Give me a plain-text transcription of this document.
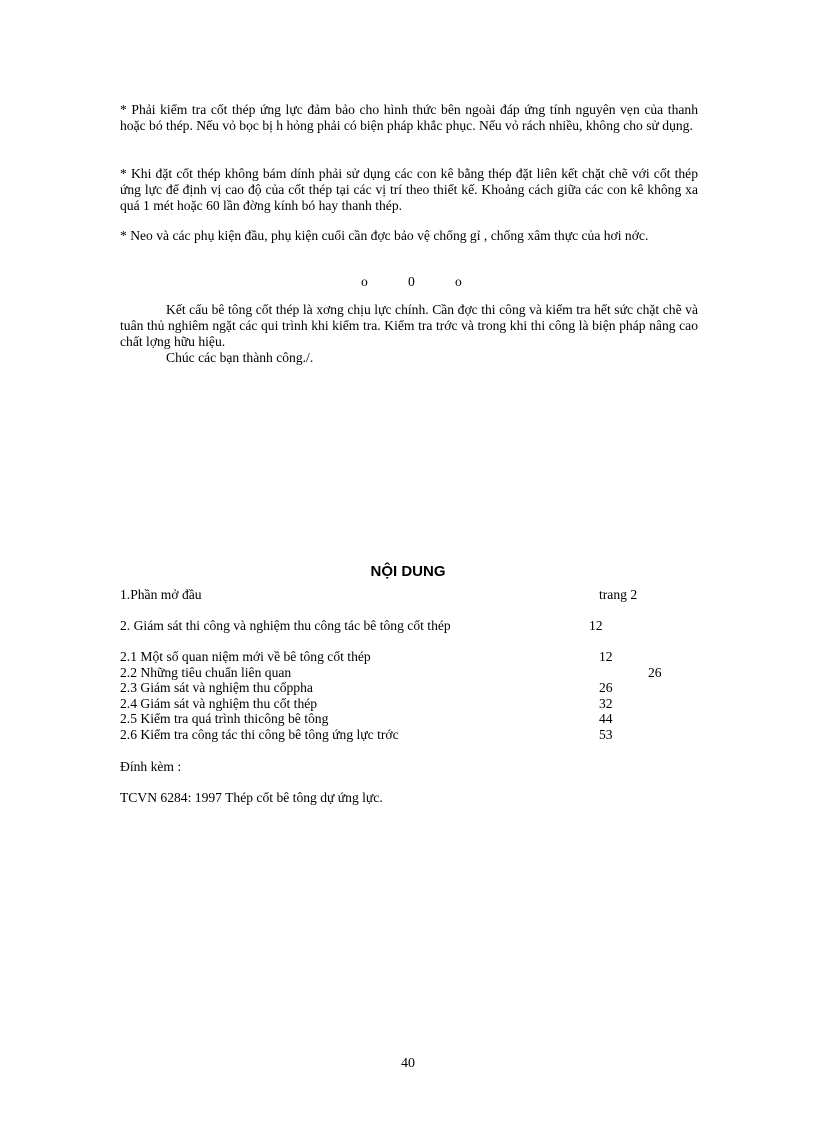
* Phải kiểm tra cốt thép ứng lực đảm bảo cho hình thức bên ngoài đáp ứng tính nguyên vẹn của thanh hoặc bó thép. Nếu vỏ bọc bị h hỏng phải có biện pháp khắc phục. Nếu vỏ rách nhiều, không cho sử dụng.

* Khi đặt cốt thép không bám dính phải sử dụng các con kê bằng thép đặt liên kết chặt chẽ với cốt thép ứng lực để định vị cao độ của cốt thép tại các vị trí theo thiết kế. Khoảng cách giữa các con kê không xa quá 1 mét hoặc 60 lần đờng kính bó hay thanh thép.

* Neo và các phụ kiện đầu, phụ kiện cuối cần đợc bảo vệ chống gỉ , chống xâm thực của hơi nớc.

o	0	o

Kết cấu bê tông cốt thép là xơng chịu lực chính. Cần đợc thi công và kiểm tra hết sức chặt chẽ và tuân thủ nghiêm ngặt các qui trình khi kiểm tra. Kiểm tra trớc và trong khi thi công là biện pháp nâng cao chất lợng hữu hiệu.

Chúc các bạn thành công./.

NỘI DUNG
1.Phần mở đầu	trang 2
2. Giám sát thi công và nghiệm thu công tác bê tông cốt thép	12
2.1 Một số quan niệm mới về bê tông cốt thép	12
2.2 Những tiêu chuẩn liên quan	26
2.3 Giám sát và nghiệm thu cốppha	26
2.4 Giám sát và nghiệm thu cốt thép	32
2.5 Kiểm tra quá trình thicông bê tông	44
2.6 Kiểm tra công tác thi công bê tông ứng lực trớc	53
Đính kèm :
TCVN 6284: 1997 Thép cốt bê tông dự ứng lực.
40
